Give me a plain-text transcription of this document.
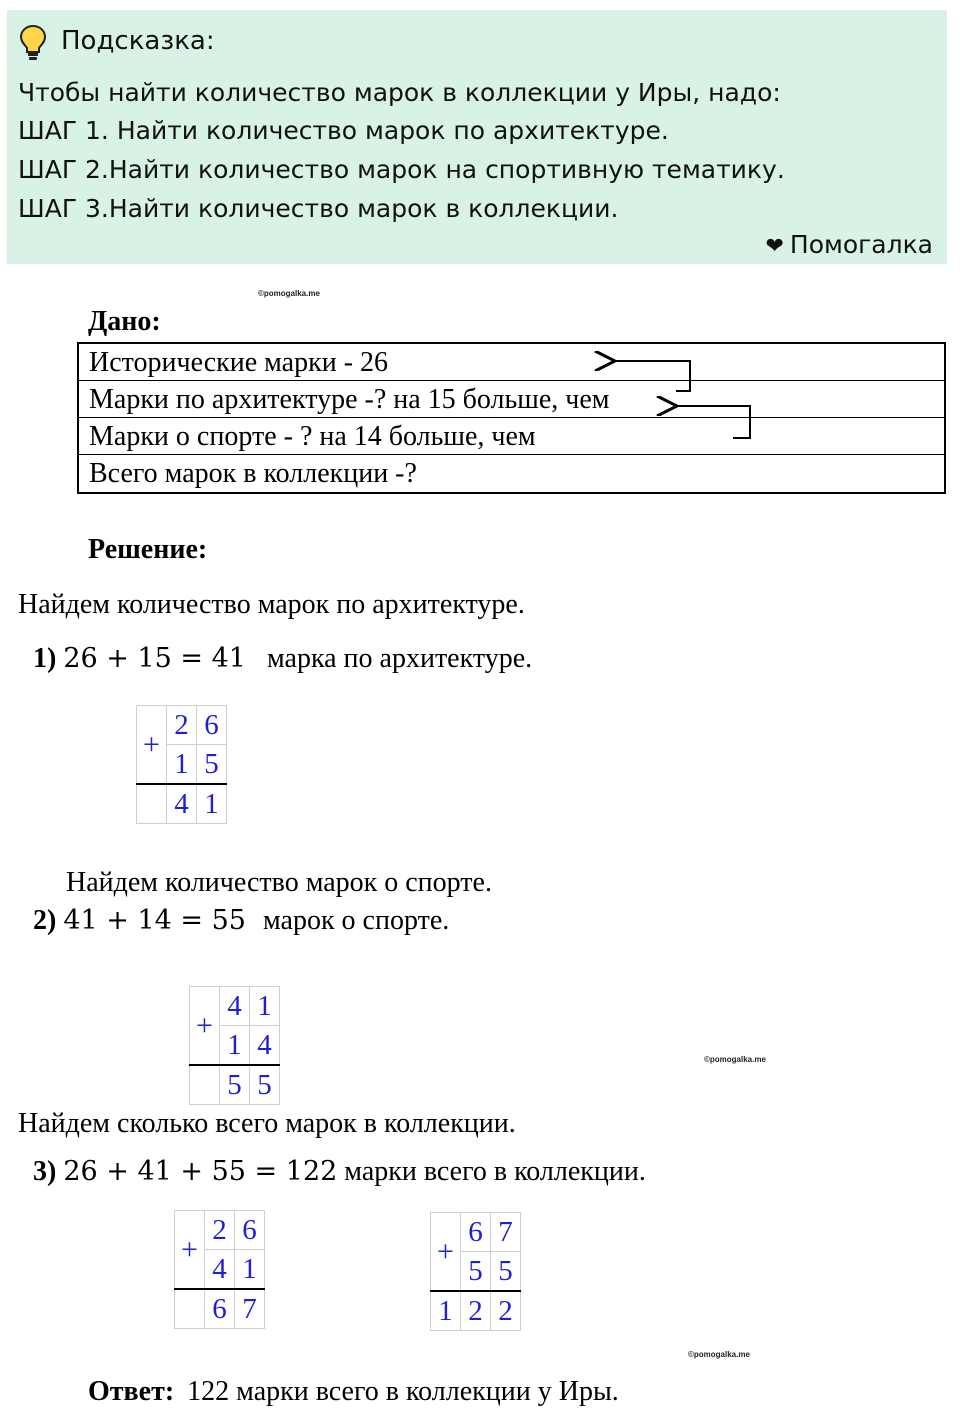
Подсказка:
Чтобы найти количество марок в коллекции у Иры, надо:
ШАГ 1. Найти количество марок по архитектуре.
ШАГ 2.Найти количество марок на спортивную тематику.
ШАГ 3.Найти количество марок в коллекции.
❤ Помогалка
©pomogalka.me
Дано:
Исторические марки - 26
Марки по архитектуре -? на 15 больше, чем
Марки о спорте - ? на 14 больше, чем
Всего марок в коллекции -?
Решение:
Найдем количество марок по архитектуре.
1) 26 + 15 = 41 марка по архитектуре.
+	2	6
	1	5
	4	1
Найдем количество марок о спорте.
2) 41 + 14 = 55 марок о спорте.
+	4	1
	1	4
	5	5
©pomogalka.me
Найдем сколько всего марок в коллекции.
3) 26 + 41 + 55 = 122 марки всего в коллекции.
+	2	6
	4	1
	6	7
+	6	7
	5	5
1	2	2
©pomogalka.me
Ответ: 122 марки всего в коллекции у Иры.
